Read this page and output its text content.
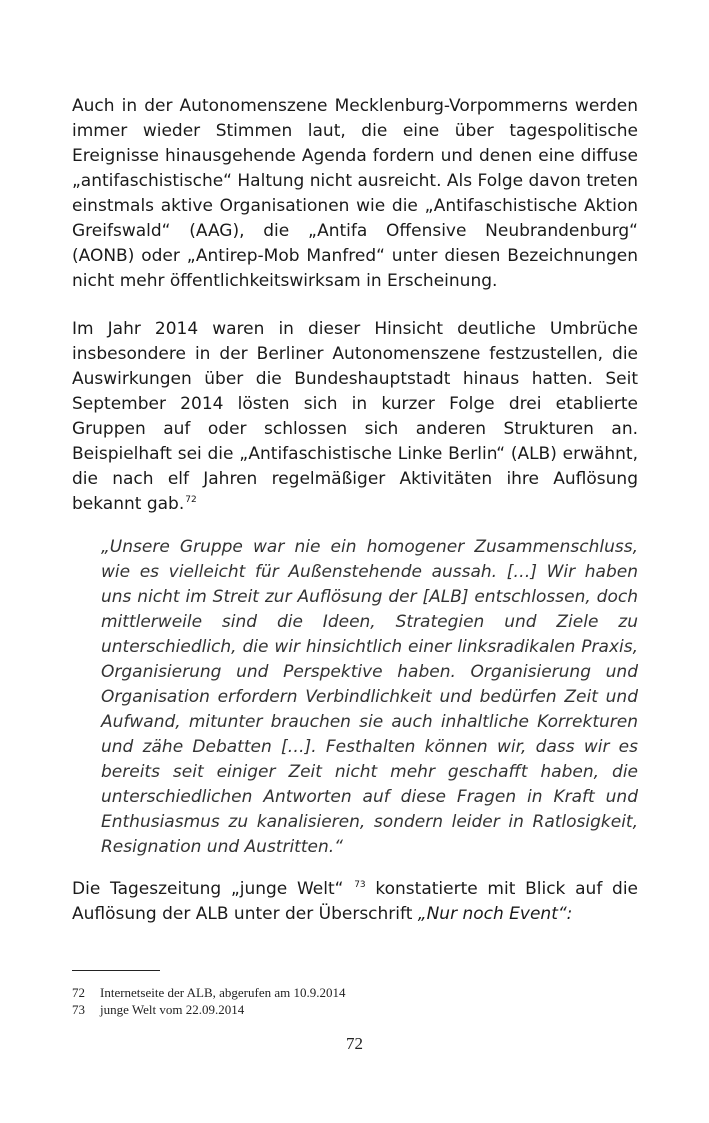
Auch in der Autonomenszene Mecklenburg-Vorpommerns werden immer wieder Stimmen laut, die eine über tagespolitische Ereignisse hinausgehende Agenda fordern und denen eine diffuse „antifaschistische“ Haltung nicht ausreicht. Als Folge davon treten einstmals aktive Organisationen wie die „Antifaschistische Aktion Greifswald“ (AAG), die „Antifa Offensive Neubrandenburg“ (AONB) oder „Antirep-Mob Manfred“ unter diesen Bezeichnungen nicht mehr öffentlichkeitswirksam in Erscheinung.

Im Jahr 2014 waren in dieser Hinsicht deutliche Umbrüche insbesondere in der Berliner Autonomenszene festzustellen, die Auswirkungen über die Bundeshauptstadt hinaus hatten. Seit September 2014 lösten sich in kurzer Folge drei etablierte Gruppen auf oder schlossen sich anderen Strukturen an. Beispielhaft sei die „Antifaschistische Linke Berlin“ (ALB) erwähnt, die nach elf Jahren regelmäßiger Aktivitäten ihre Auflösung bekannt gab.$^{72}$

„Unsere Gruppe war nie ein homogener Zusammenschluss, wie es vielleicht für Außenstehende aussah. […] Wir haben uns nicht im Streit zur Auflösung der [ALB] entschlossen, doch mittlerweile sind die Ideen, Strategien und Ziele zu unterschiedlich, die wir hinsichtlich einer linksradikalen Praxis, Organisierung und Perspektive haben. Organisierung und Organisation erfordern Verbindlichkeit und bedürfen Zeit und Aufwand, mitunter brauchen sie auch inhaltliche Korrekturen und zähe Debatten […]. Festhalten können wir, dass wir es bereits seit einiger Zeit nicht mehr geschafft haben, die unterschiedlichen Antworten auf diese Fragen in Kraft und Enthusiasmus zu kanalisieren, sondern leider in Ratlosigkeit, Resignation und Austritten.“

Die Tageszeitung „junge Welt“ $^{73}$ konstatierte mit Blick auf die Auflösung der ALB unter der Überschrift „Nur noch Event“:

72	Internetseite der ALB, abgerufen am 10.9.2014
73	junge Welt vom 22.09.2014
72
